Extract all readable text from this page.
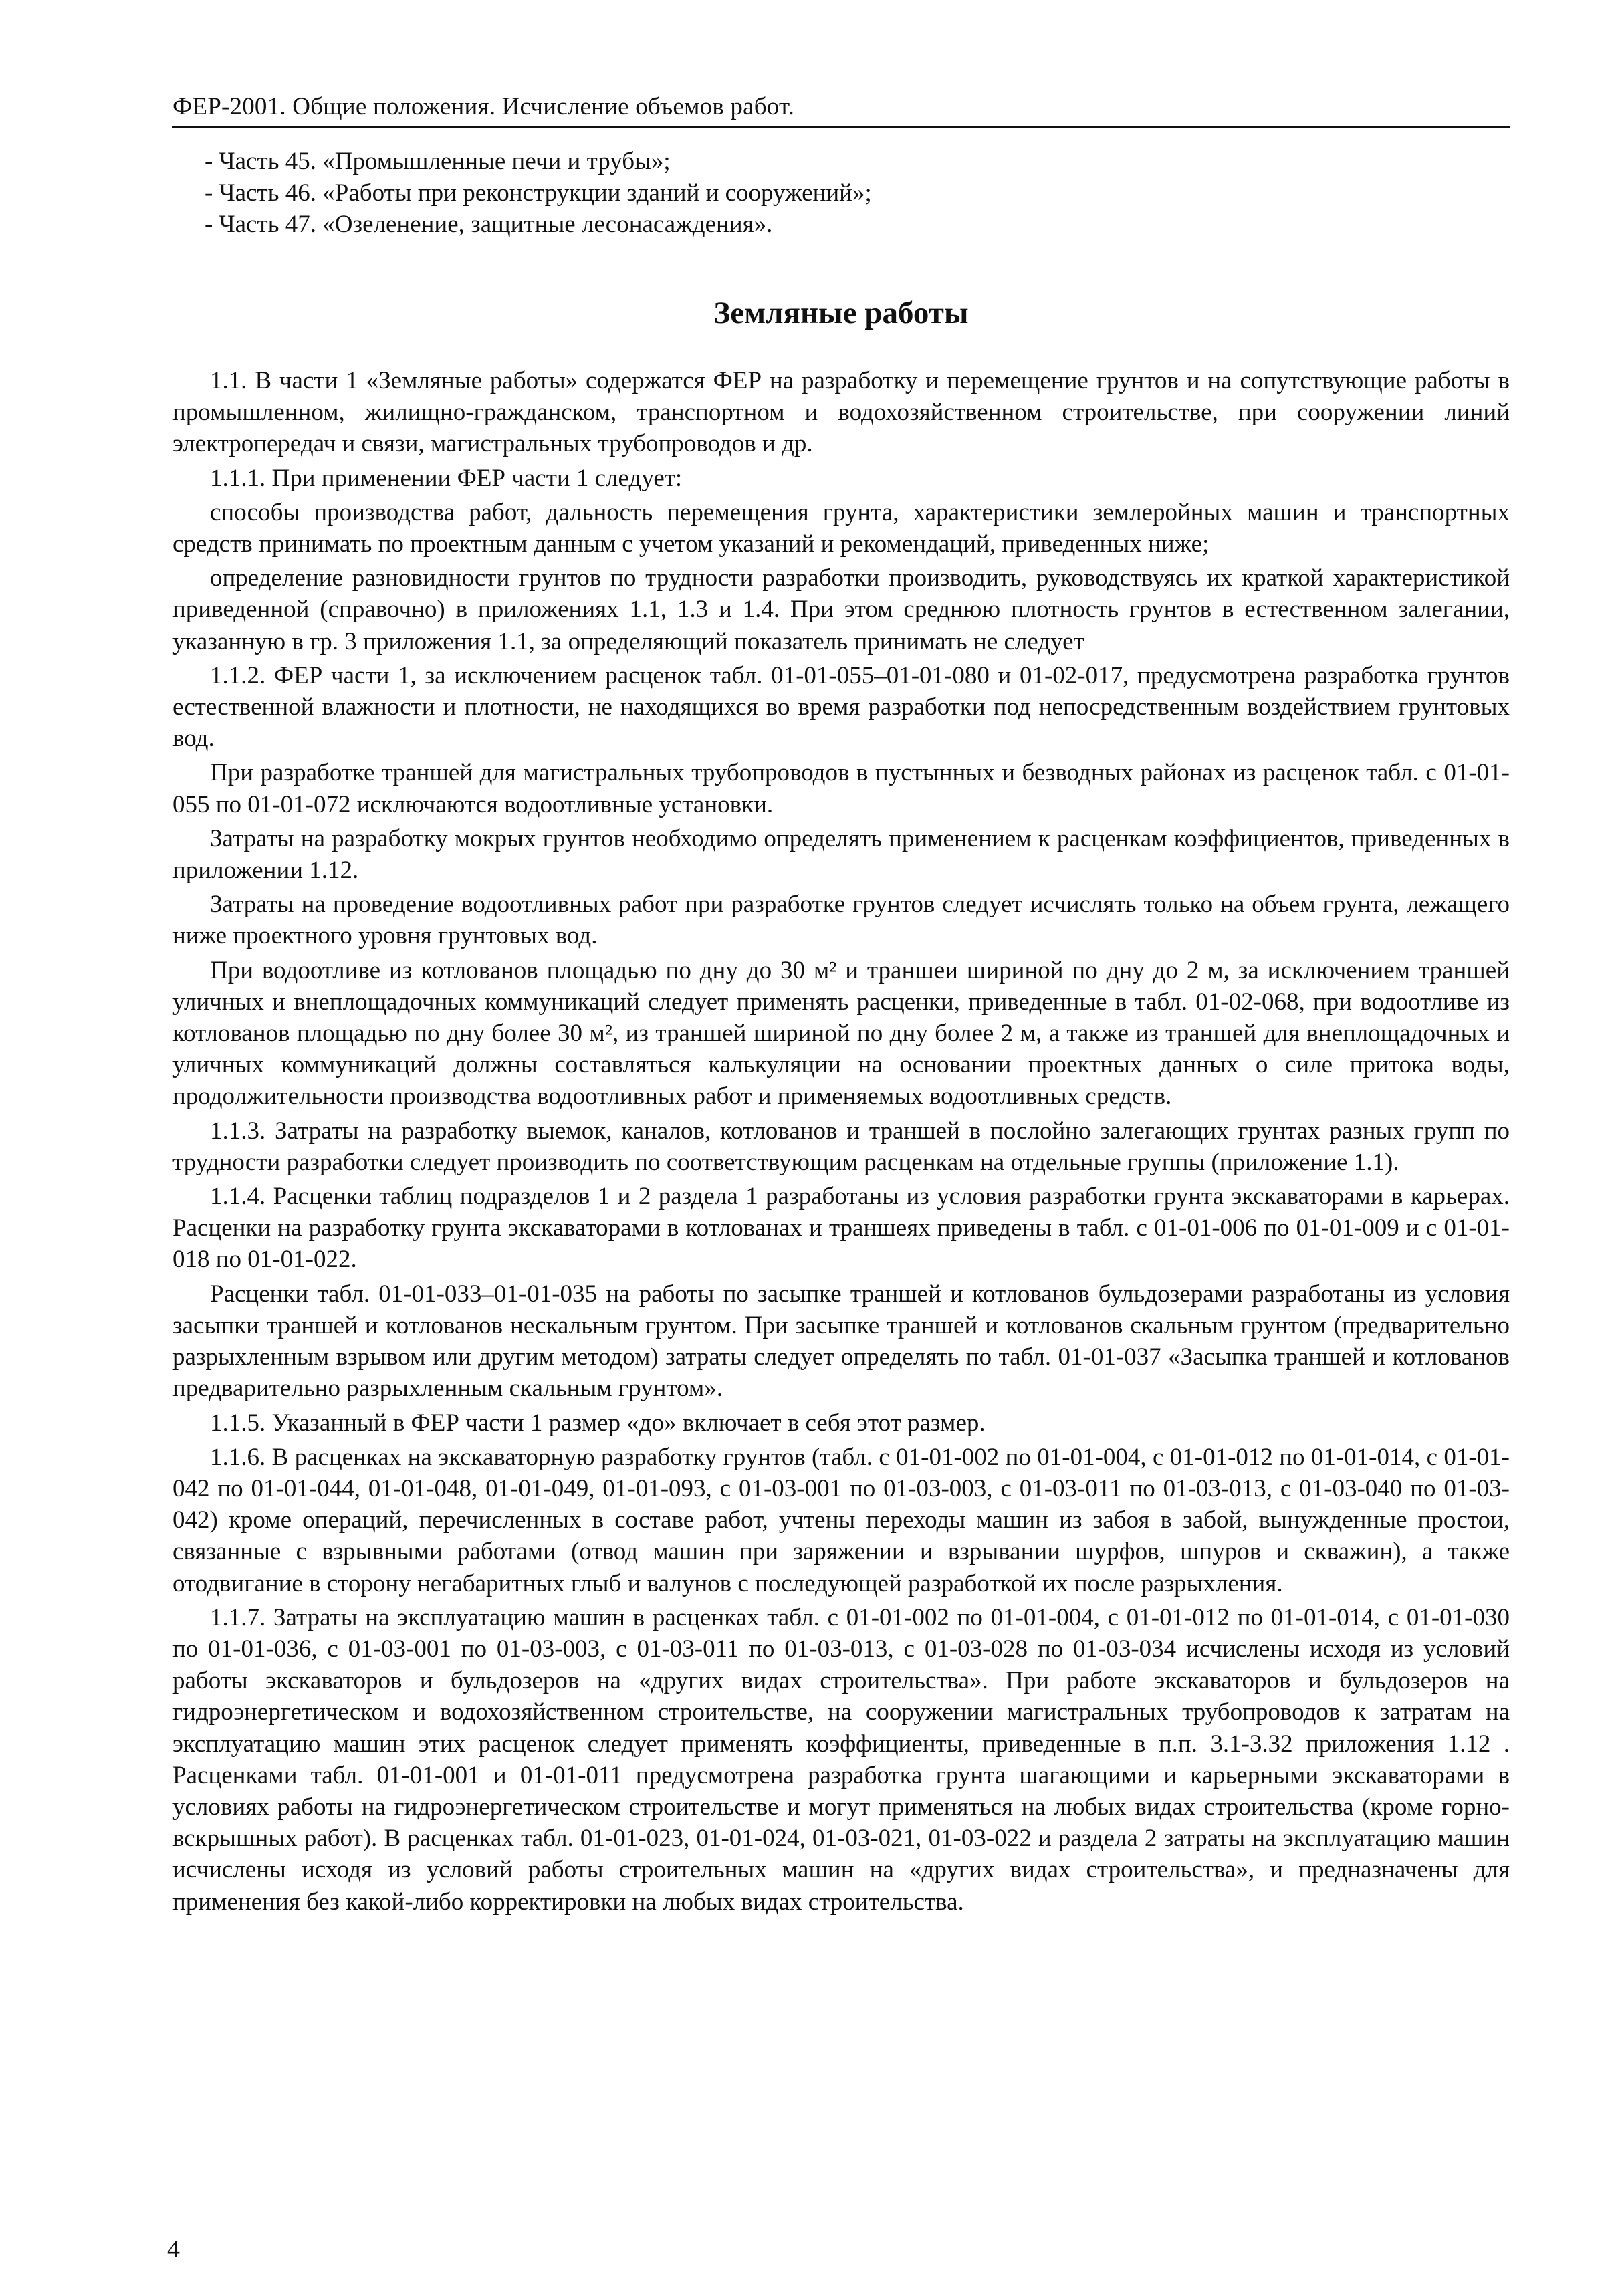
ФЕР-2001. Общие положения. Исчисление объемов работ.
- Часть 45. «Промышленные печи и трубы»;
- Часть 46. «Работы при реконструкции зданий и сооружений»;
- Часть 47. «Озеленение, защитные лесонасаждения».
Земляные работы

1.1. В части 1 «Земляные работы» содержатся ФЕР на разработку и перемещение грунтов и на сопутствующие работы в промышленном, жилищно-гражданском, транспортном и водохозяйственном строительстве, при сооружении линий электропередач и связи, магистральных трубопроводов и др.

1.1.1. При применении ФЕР части 1 следует:

способы производства работ, дальность перемещения грунта, характеристики землеройных машин и транспортных средств принимать по проектным данным с учетом указаний и рекомендаций, приведенных ниже;

определение разновидности грунтов по трудности разработки производить, руководствуясь их краткой характеристикой приведенной (справочно) в приложениях 1.1, 1.3 и 1.4. При этом среднюю плотность грунтов в естественном залегании, указанную в гр. 3 приложения 1.1, за определяющий показатель принимать не следует

1.1.2. ФЕР части 1, за исключением расценок табл. 01-01-055–01-01-080 и 01-02-017, предусмотрена разработка грунтов естественной влажности и плотности, не находящихся во время разработки под непосредственным воздействием грунтовых вод.

При разработке траншей для магистральных трубопроводов в пустынных и безводных районах из расценок табл. с 01-01-055 по 01-01-072 исключаются водоотливные установки.

Затраты на разработку мокрых грунтов необходимо определять применением к расценкам коэффициентов, приведенных в приложении 1.12.

Затраты на проведение водоотливных работ при разработке грунтов следует исчислять только на объем грунта, лежащего ниже проектного уровня грунтовых вод.

При водоотливе из котлованов площадью по дну до 30 м² и траншеи шириной по дну до 2 м, за исключением траншей уличных и внеплощадочных коммуникаций следует применять расценки, приведенные в табл. 01-02-068, при водоотливе из котлованов площадью по дну более 30 м², из траншей шириной по дну более 2 м, а также из траншей для внеплощадочных и уличных коммуникаций должны составляться калькуляции на основании проектных данных о силе притока воды, продолжительности производства водоотливных работ и применяемых водоотливных средств.

1.1.3. Затраты на разработку выемок, каналов, котлованов и траншей в послойно залегающих грунтах разных групп по трудности разработки следует производить по соответствующим расценкам на отдельные группы (приложение 1.1).

1.1.4. Расценки таблиц подразделов 1 и 2 раздела 1 разработаны из условия разработки грунта экскаваторами в карьерах. Расценки на разработку грунта экскаваторами в котлованах и траншеях приведены в табл. с 01-01-006 по 01-01-009 и с 01-01-018 по 01-01-022.

Расценки табл. 01-01-033–01-01-035 на работы по засыпке траншей и котлованов бульдозерами разработаны из условия засыпки траншей и котлованов нескальным грунтом. При засыпке траншей и котлованов скальным грунтом (предварительно разрыхленным взрывом или другим методом) затраты следует определять по табл. 01-01-037 «Засыпка траншей и котлованов предварительно разрыхленным скальным грунтом».

1.1.5. Указанный в ФЕР части 1 размер «до» включает в себя этот размер.

1.1.6. В расценках на экскаваторную разработку грунтов (табл. с 01-01-002 по 01-01-004, с 01-01-012 по 01-01-014, с 01-01-042 по 01-01-044, 01-01-048, 01-01-049, 01-01-093, с 01-03-001 по 01-03-003, с 01-03-011 по 01-03-013, с 01-03-040 по 01-03-042) кроме операций, перечисленных в составе работ, учтены переходы машин из забоя в забой, вынужденные простои, связанные с взрывными работами (отвод машин при заряжении и взрывании шурфов, шпуров и скважин), а также отодвигание в сторону негабаритных глыб и валунов с последующей разработкой их после разрыхления.

1.1.7. Затраты на эксплуатацию машин в расценках табл. с 01-01-002 по 01-01-004, с 01-01-012 по 01-01-014, с 01-01-030 по 01-01-036, с 01-03-001 по 01-03-003, с 01-03-011 по 01-03-013, с 01-03-028 по 01-03-034 исчислены исходя из условий работы экскаваторов и бульдозеров на «других видах строительства». При работе экскаваторов и бульдозеров на гидроэнергетическом и водохозяйственном строительстве, на сооружении магистральных трубопроводов к затратам на эксплуатацию машин этих расценок следует применять коэффициенты, приведенные в п.п. 3.1-3.32 приложения 1.12 . Расценками табл. 01-01-001 и 01-01-011 предусмотрена разработка грунта шагающими и карьерными экскаваторами в условиях работы на гидроэнергетическом строительстве и могут применяться на любых видах строительства (кроме горно-вскрышных работ). В расценках табл. 01-01-023, 01-01-024, 01-03-021, 01-03-022 и раздела 2 затраты на эксплуатацию машин исчислены исходя из условий работы строительных машин на «других видах строительства», и предназначены для применения без какой-либо корректировки на любых видах строительства.

4
